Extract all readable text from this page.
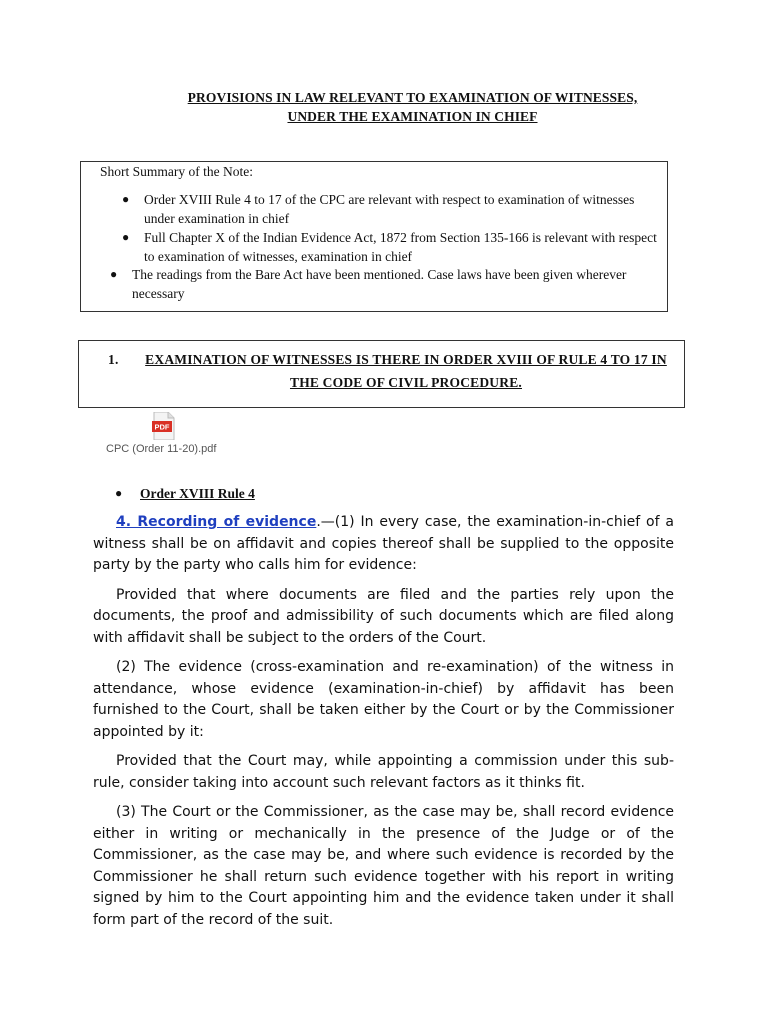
PROVISIONS IN LAW RELEVANT TO EXAMINATION OF WITNESSES,
UNDER THE EXAMINATION IN CHIEF
Short Summary of the Note:
●	Order XVIII Rule 4 to 17 of the CPC are relevant with respect to examination of witnesses under examination in chief
●	Full Chapter X of the Indian Evidence Act, 1872 from Section 135-166 is relevant with respect to examination of witnesses, examination in chief
●	The readings from the Bare Act have been mentioned. Case laws have been given wherever necessary
1.	EXAMINATION OF WITNESSES IS THERE IN ORDER XVIII OF RULE 4 TO 17 IN THE CODE OF CIVIL PROCEDURE.
PDF
CPC (Order 11-20).pdf
●	Order XVIII Rule 4

4. Recording of evidence.—(1) In every case, the examination-in-chief of a witness shall be on affidavit and copies thereof shall be supplied to the opposite party by the party who calls him for evidence:

Provided that where documents are filed and the parties rely upon the documents, the proof and admissibility of such documents which are filed along with affidavit shall be subject to the orders of the Court.

(2) The evidence (cross-examination and re-examination) of the witness in attendance, whose evidence (examination-in-chief) by affidavit has been furnished to the Court, shall be taken either by the Court or by the Commissioner appointed by it:

Provided that the Court may, while appointing a commission under this sub-rule, consider taking into account such relevant factors as it thinks fit.

(3) The Court or the Commissioner, as the case may be, shall record evidence either in writing or mechanically in the presence of the Judge or of the Commissioner, as the case may be, and where such evidence is recorded by the Commissioner he shall return such evidence together with his report in writing signed by him to the Court appointing him and the evidence taken under it shall form part of the record of the suit.
